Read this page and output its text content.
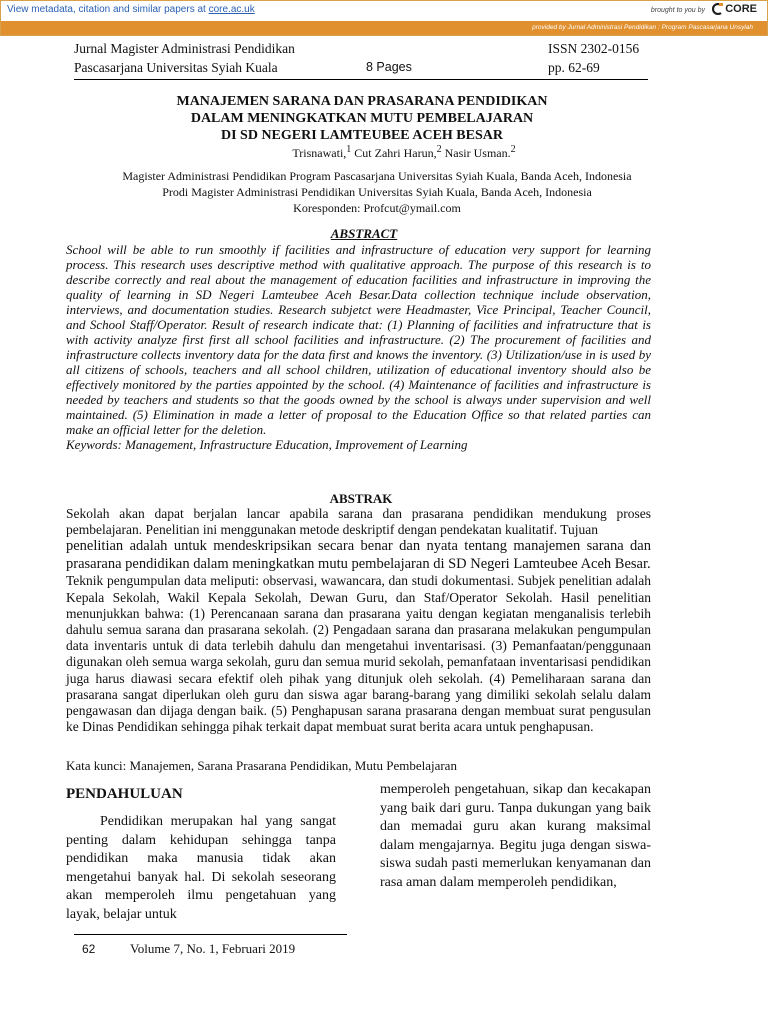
View metadata, citation and similar papers at core.ac.uk	brought to you by CORE
provided by Jurnal Administrasi Pendidikan : Program Pascasarjana Unsyiah
Jurnal Magister Administrasi Pendidikan	ISSN 2302-0156
Pascasarjana Universitas Syiah Kuala	8 Pages	pp. 62-69
MANAJEMEN SARANA DAN PRASARANA PENDIDIKAN
DALAM MENINGKATKAN MUTU PEMBELAJARAN
DI SD NEGERI LAMTEUBEE ACEH BESAR
Trisnawati,$^1$ Cut Zahri Harun,$^2$ Nasir Usman.$^2$
Magister Administrasi Pendidikan Program Pascasarjana Universitas Syiah Kuala, Banda Aceh, Indonesia
Prodi Magister Administrasi Pendidikan Universitas Syiah Kuala, Banda Aceh, Indonesia
Koresponden: Profcut@ymail.com
ABSTRACT

School will be able to run smoothly if facilities and infrastructure of education very support for learning process. This research uses descriptive method with qualitative approach. The purpose of this research is to describe correctly and real about the management of education facilities and infrastructure in improving the quality of learning in SD Negeri Lamteubee Aceh Besar.Data collection technique include observation, interviews, and documentation studies. Research subjetct were Headmaster, Vice Principal, Teacher Council, and School Staff/Operator. Result of research indicate that: (1) Planning of facilities and infratructure that is with activity analyze first first all school facilities and infrastructure. (2) The procurement of facilities and infrastructure collects inventory data for the data first and knows the inventory. (3) Utilization/use in is used by all citizens of schools, teachers and all school children, utilization of educational inventory should also be effectively monitored by the parties appointed by the school. (4) Maintenance of facilities and infrastructure is needed by teachers and students so that the goods owned by the school is always under supervision and well maintained. (5) Elimination in made a letter of proposal to the Education Office so that related parties can make an official letter for the deletion.

Keywords: Management, Infrastructure Education, Improvement of Learning

ABSTRAK
Sekolah akan dapat berjalan lancar apabila sarana dan prasarana pendidikan mendukung proses pembelajaran. Penelitian ini menggunakan metode deskriptif dengan pendekatan kualitatif. Tujuan
penelitian adalah untuk mendeskripsikan secara benar dan nyata tentang manajemen sarana dan prasarana pendidikan dalam meningkatkan mutu pembelajaran di SD Negeri Lamteubee Aceh Besar.
Teknik pengumpulan data meliputi: observasi, wawancara, dan studi dokumentasi. Subjek penelitian adalah Kepala Sekolah, Wakil Kepala Sekolah, Dewan Guru, dan Staf/Operator Sekolah. Hasil penelitian menunjukkan bahwa: (1) Perencanaan sarana dan prasarana yaitu dengan kegiatan menganalisis terlebih dahulu semua sarana dan prasarana sekolah. (2) Pengadaan sarana dan prasarana melakukan pengumpulan data inventaris untuk di data terlebih dahulu dan mengetahui inventarisasi. (3) Pemanfaatan/penggunaan digunakan oleh semua warga sekolah, guru dan semua murid sekolah, pemanfataan inventarisasi pendidikan juga harus diawasi secara efektif oleh pihak yang ditunjuk oleh sekolah. (4) Pemeliharaan sarana dan prasarana sangat diperlukan oleh guru dan siswa agar barang-barang yang dimiliki sekolah selalu dalam pengawasan dan dijaga dengan baik. (5) Penghapusan sarana prasarana dengan membuat surat pengusulan ke Dinas Pendidikan sehingga pihak terkait dapat membuat surat berita acara untuk penghapusan.
Kata kunci: Manajemen, Sarana Prasarana Pendidikan, Mutu Pembelajaran
PENDAHULUAN

Pendidikan merupakan hal yang sangat penting dalam kehidupan sehingga tanpa pendidikan maka manusia tidak akan mengetahui banyak hal. Di sekolah seseorang akan memperoleh ilmu pengetahuan yang layak, belajar untuk

memperoleh pengetahuan, sikap dan kecakapan yang baik dari guru. Tanpa dukungan yang baik dan memadai guru akan kurang maksimal dalam mengajarnya. Begitu juga dengan siswa-siswa sudah pasti memerlukan kenyamanan dan rasa aman dalam memperoleh pendidikan,

62	Volume 7, No. 1, Februari 2019
